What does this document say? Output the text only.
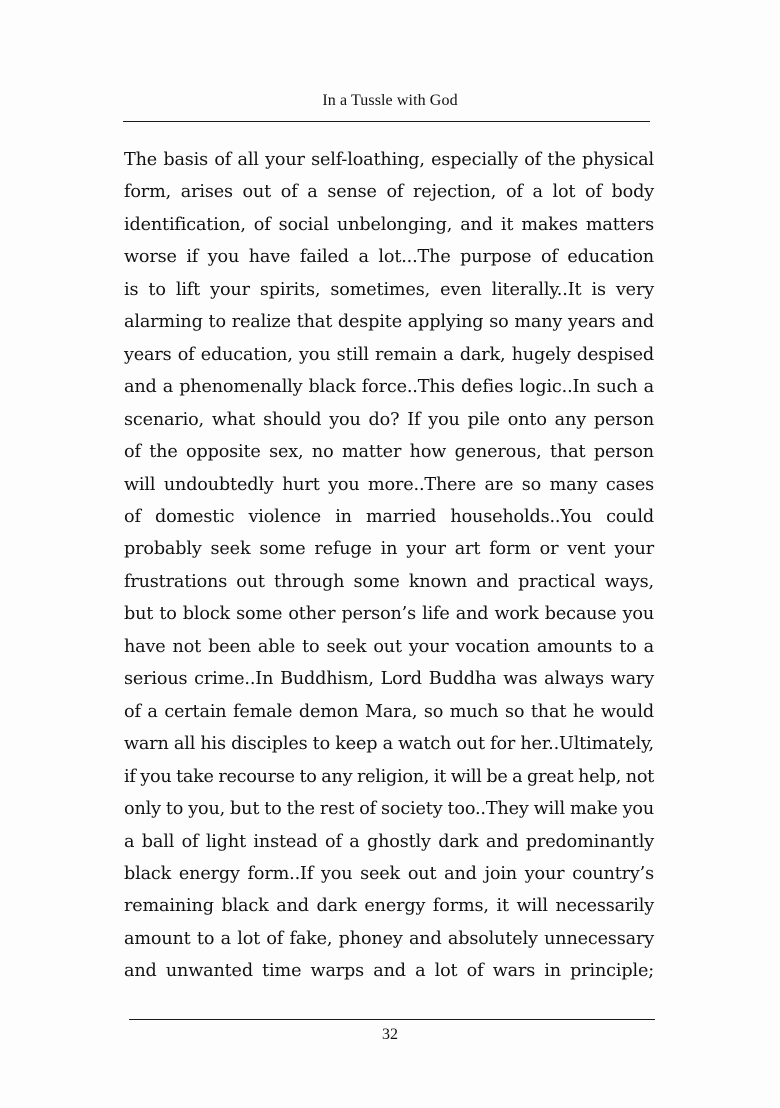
In a Tussle with God
The basis of all your self-loathing, especially of the physical
form, arises out of a sense of rejection, of a lot of body
identification, of social unbelonging, and it makes matters
worse if you have failed a lot...The purpose of education
is to lift your spirits, sometimes, even literally..It is very
alarming to realize that despite applying so many years and
years of education, you still remain a dark, hugely despised
and a phenomenally black force..This defies logic..In such a
scenario, what should you do? If you pile onto any person
of the opposite sex, no matter how generous, that person
will undoubtedly hurt you more..There are so many cases
of domestic violence in married households..You could
probably seek some refuge in your art form or vent your
frustrations out through some known and practical ways,
but to block some other person’s life and work because you
have not been able to seek out your vocation amounts to a
serious crime..In Buddhism, Lord Buddha was always wary
of a certain female demon Mara, so much so that he would
warn all his disciples to keep a watch out for her..Ultimately,
if you take recourse to any religion, it will be a great help, not
only to you, but to the rest of society too..They will make you
a ball of light instead of a ghostly dark and predominantly
black energy form..If you seek out and join your country’s
remaining black and dark energy forms, it will necessarily
amount to a lot of fake, phoney and absolutely unnecessary
and unwanted time warps and a lot of wars in principle;
32
